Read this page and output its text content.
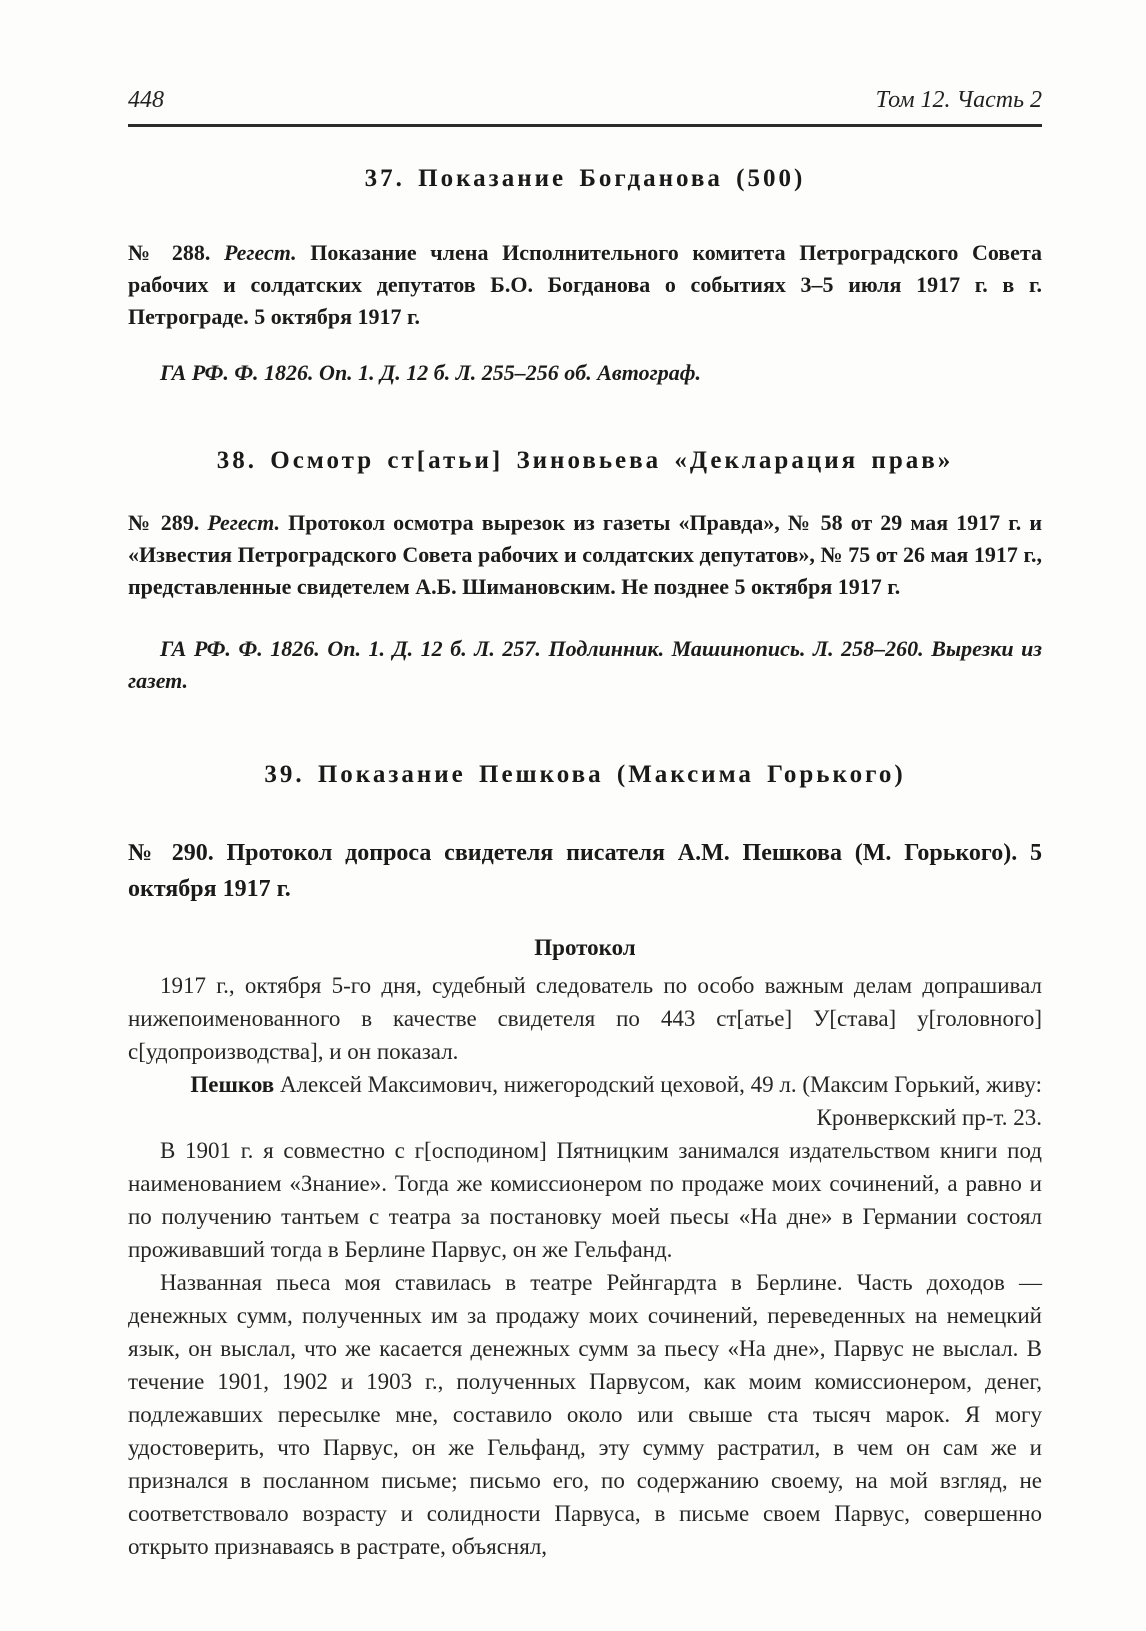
448	Том 12. Часть 2
37. Показание Богданова (500)

№ 288. Регест. Показание члена Исполнительного комитета Петроградского Совета рабочих и солдатских депутатов Б.О. Богданова о событиях 3–5 июля 1917 г. в г. Петрограде. 5 октября 1917 г.

ГА РФ. Ф. 1826. Оп. 1. Д. 12 б. Л. 255–256 об. Автограф.

38. Осмотр ст[атьи] Зиновьева «Декларация прав»

№ 289. Регест. Протокол осмотра вырезок из газеты «Правда», № 58 от 29 мая 1917 г. и «Известия Петроградского Совета рабочих и солдатских депутатов», № 75 от 26 мая 1917 г., представленные свидетелем А.Б. Шимановским. Не позднее 5 октября 1917 г.

ГА РФ. Ф. 1826. Оп. 1. Д. 12 б. Л. 257. Подлинник. Машинопись. Л. 258–260. Вырезки из газет.

39. Показание Пешкова (Максима Горького)

№ 290. Протокол допроса свидетеля писателя А.М. Пешкова (М. Горького). 5 октября 1917 г.

Протокол

1917 г., октября 5-го дня, судебный следователь по особо важным делам допрашивал нижепоименованного в качестве свидетеля по 443 ст[атье] У[става] у[головного] с[удопроизводства], и он показал.

Пешков Алексей Максимович, нижегородский цеховой, 49 л. (Максим Горький, живу: Кронверкский пр-т. 23.

В 1901 г. я совместно с г[осподином] Пятницким занимался издательством книги под наименованием «Знание». Тогда же комиссионером по продаже моих сочинений, а равно и по получению тантьем с театра за постановку моей пьесы «На дне» в Германии состоял проживавший тогда в Берлине Парвус, он же Гельфанд.

Названная пьеса моя ставилась в театре Рейнгардта в Берлине. Часть доходов — денежных сумм, полученных им за продажу моих сочинений, переведенных на немецкий язык, он выслал, что же касается денежных сумм за пьесу «На дне», Парвус не выслал. В течение 1901, 1902 и 1903 г., полученных Парвусом, как моим комиссионером, денег, подлежавших пересылке мне, составило около или свыше ста тысяч марок. Я могу удостоверить, что Парвус, он же Гельфанд, эту сумму растратил, в чем он сам же и признался в посланном письме; письмо его, по содержанию своему, на мой взгляд, не соответствовало возрасту и солидности Парвуса, в письме своем Парвус, совершенно открыто признаваясь в растрате, объяснял,
